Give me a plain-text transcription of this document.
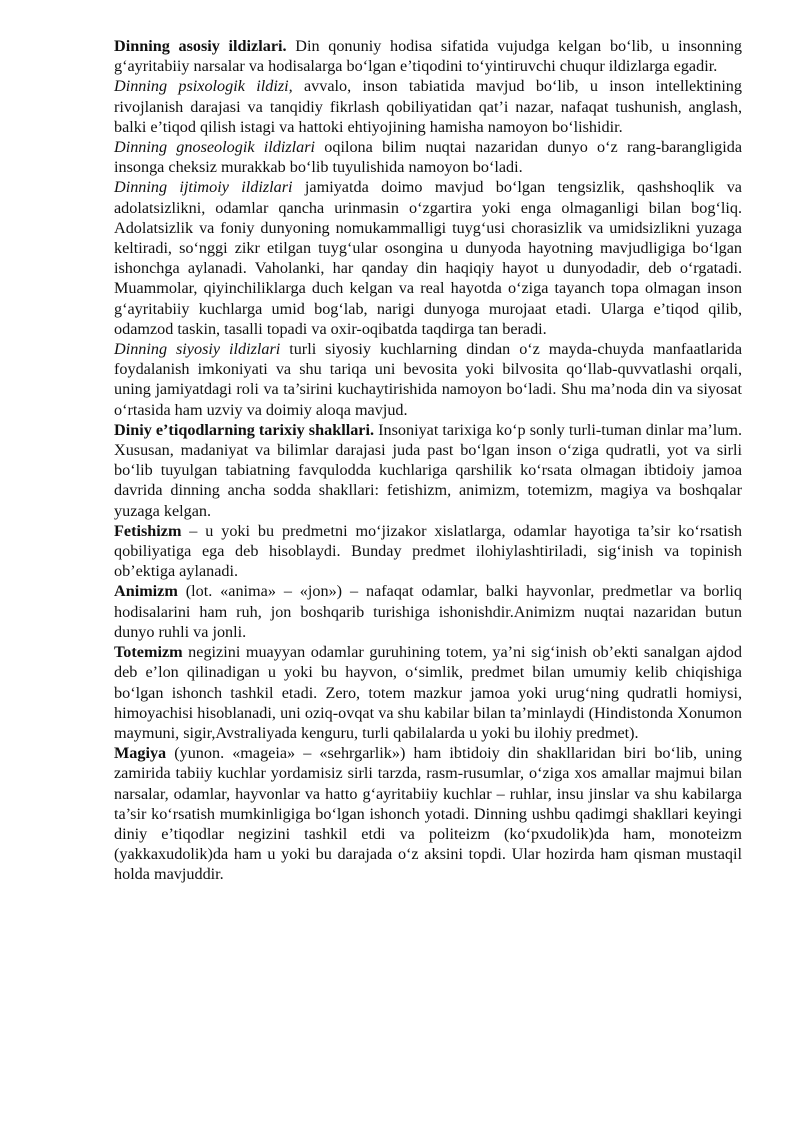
Dinning asosiy ildizlari. Din qonuniy hodisa sifatida vujudga kelgan bo‘lib, u insonning g‘ayritabiiy narsalar va hodisalarga bo‘lgan e’tiqodini to‘yintiruvchi chuqur ildizlarga egadir.

Dinning psixologik ildizi, avvalo, inson tabiatida mavjud bo‘lib, u inson intellektining rivojlanish darajasi va tanqidiy fikrlash qobiliyatidan qat’i nazar, nafaqat tushunish, anglash, balki e’tiqod qilish istagi va hattoki ehtiyojining hamisha namoyon bo‘lishidir.

Dinning gnoseologik ildizlari oqilona bilim nuqtai nazaridan dunyo o‘z rang-barangligida insonga cheksiz murakkab bo‘lib tuyulishida namoyon bo‘ladi.

Dinning ijtimoiy ildizlari jamiyatda doimo mavjud bo‘lgan tengsizlik, qashshoqlik va adolatsizlikni, odamlar qancha urinmasin o‘zgartira yoki enga olmaganligi bilan bog‘liq. Adolatsizlik va foniy dunyoning nomukammalligi tuyg‘usi chorasizlik va umidsizlikni yuzaga keltiradi, so‘nggi zikr etilgan tuyg‘ular osongina u dunyoda hayotning mavjudligiga bo‘lgan ishonchga aylanadi. Vaholanki, har qanday din haqiqiy hayot u dunyodadir, deb o‘rgatadi. Muammolar, qiyinchiliklarga duch kelgan va real hayotda o‘ziga tayanch topa olmagan inson g‘ayritabiiy kuchlarga umid bog‘lab, narigi dunyoga murojaat etadi. Ularga e’tiqod qilib, odamzod taskin, tasalli topadi va oxir-oqibatda taqdirga tan beradi.

Dinning siyosiy ildizlari turli siyosiy kuchlarning dindan o‘z mayda-chuyda manfaatlarida foydalanish imkoniyati va shu tariqa uni bevosita yoki bilvosita qo‘llab-quvvatlashi orqali, uning jamiyatdagi roli va ta’sirini kuchaytirishida namoyon bo‘ladi. Shu ma’noda din va siyosat o‘rtasida ham uzviy va doimiy aloqa mavjud.

Diniy e’tiqodlarning tarixiy shakllari. Insoniyat tarixiga ko‘p sonly turli-tuman dinlar ma’lum. Xususan, madaniyat va bilimlar darajasi juda past bo‘lgan inson o‘ziga qudratli, yot va sirli bo‘lib tuyulgan tabiatning favqulodda kuchlariga qarshilik ko‘rsata olmagan ibtidoiy jamoa davrida dinning ancha sodda shakllari: fetishizm, animizm, totemizm, magiya va boshqalar yuzaga kelgan.

Fetishizm – u yoki bu predmetni mo‘jizakor xislatlarga, odamlar hayotiga ta’sir ko‘rsatish qobiliyatiga ega deb hisoblaydi. Bunday predmet ilohiylashtiriladi, sig‘inish va topinish ob’ektiga aylanadi.

Animizm (lot. «anima» – «jon») – nafaqat odamlar, balki hayvonlar, predmetlar va borliq hodisalarini ham ruh, jon boshqarib turishiga ishonishdir.Animizm nuqtai nazaridan butun dunyo ruhli va jonli.

Totemizm negizini muayyan odamlar guruhining totem, ya’ni sig‘inish ob’ekti sanalgan ajdod deb e’lon qilinadigan u yoki bu hayvon, o‘simlik, predmet bilan umumiy kelib chiqishiga bo‘lgan ishonch tashkil etadi. Zero, totem mazkur jamoa yoki urug‘ning qudratli homiysi, himoyachisi hisoblanadi, uni oziq-ovqat va shu kabilar bilan ta’minlaydi (Hindistonda Xonumon maymuni, sigir,Avstraliyada kenguru, turli qabilalarda u yoki bu ilohiy predmet).

Magiya (yunon. «mageia» – «sehrgarlik») ham ibtidoiy din shakllaridan biri bo‘lib, uning zamirida tabiiy kuchlar yordamisiz sirli tarzda, rasm-rusumlar, o‘ziga xos amallar majmui bilan narsalar, odamlar, hayvonlar va hatto g‘ayritabiiy kuchlar – ruhlar, insu jinslar va shu kabilarga ta’sir ko‘rsatish mumkinligiga bo‘lgan ishonch yotadi. Dinning ushbu qadimgi shakllari keyingi diniy e’tiqodlar negizini tashkil etdi va politeizm (ko‘pxudolik)da ham, monoteizm (yakkaxudolik)da ham u yoki bu darajada o‘z aksini topdi. Ular hozirda ham qisman mustaqil holda mavjuddir.
